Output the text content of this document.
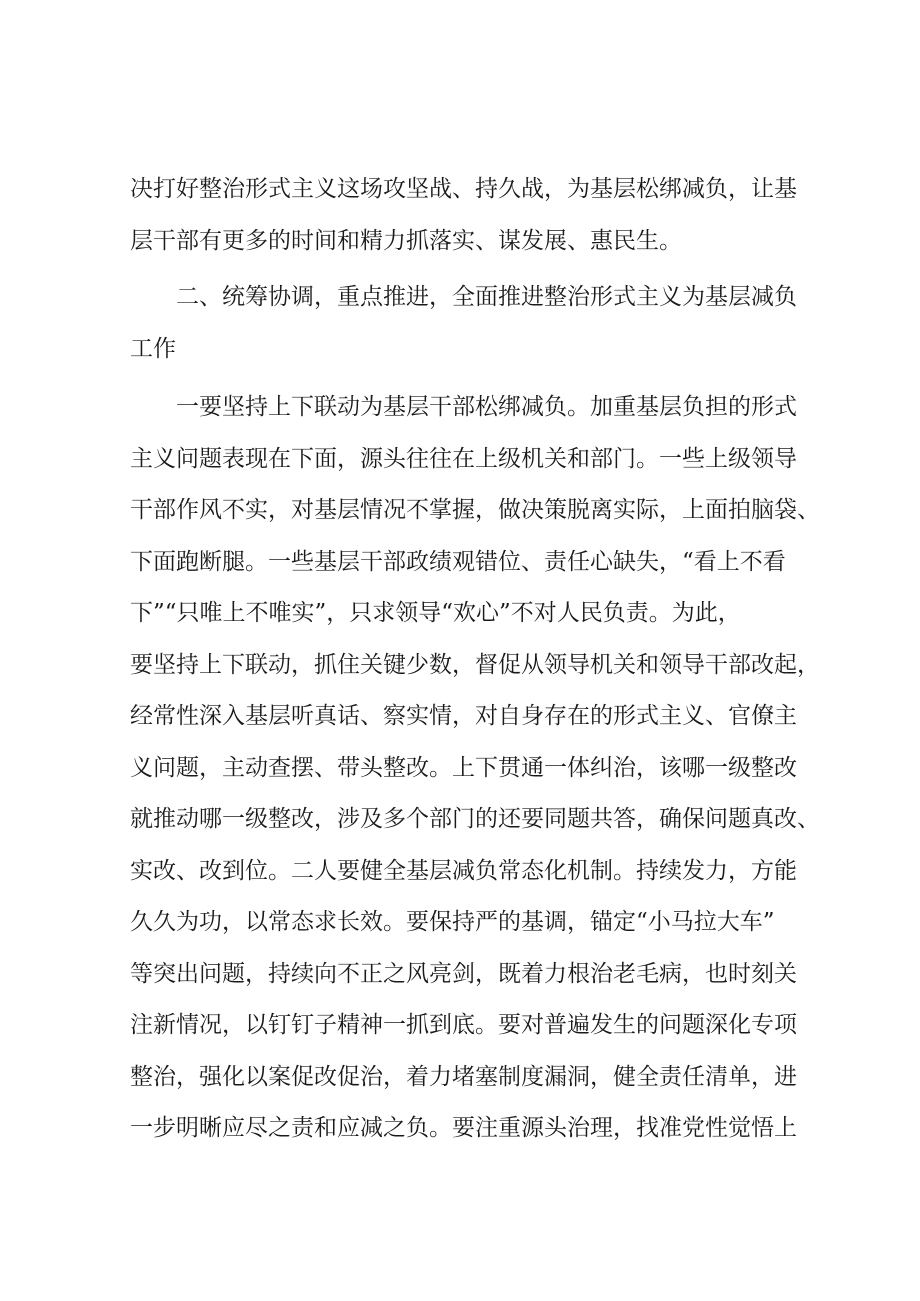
决打好整治形式主义这场攻坚战、持久战，为基层松绑减负，让基
层干部有更多的时间和精力抓落实、谋发展、惠民生。
二、统筹协调，重点推进，全面推进整治形式主义为基层减负
工作
一要坚持上下联动为基层干部松绑减负。加重基层负担的形式
主义问题表现在下面，源头往往在上级机关和部门。一些上级领导
干部作风不实，对基层情况不掌握，做决策脱离实际，上面拍脑袋、
下面跑断腿。一些基层干部政绩观错位、责任心缺失，“看上不看
下”“只唯上不唯实”，只求领导“欢心”不对人民负责。为此，
要坚持上下联动，抓住关键少数，督促从领导机关和领导干部改起，
经常性深入基层听真话、察实情，对自身存在的形式主义、官僚主
义问题，主动查摆、带头整改。上下贯通一体纠治，该哪一级整改
就推动哪一级整改，涉及多个部门的还要同题共答，确保问题真改、
实改、改到位。二人要健全基层减负常态化机制。持续发力，方能
久久为功，以常态求长效。要保持严的基调，锚定“小马拉大车”
等突出问题，持续向不正之风亮剑，既着力根治老毛病，也时刻关
注新情况，以钉钉子精神一抓到底。要对普遍发生的问题深化专项
整治，强化以案促改促治，着力堵塞制度漏洞，健全责任清单，进
一步明晰应尽之责和应减之负。要注重源头治理，找准党性觉悟上
